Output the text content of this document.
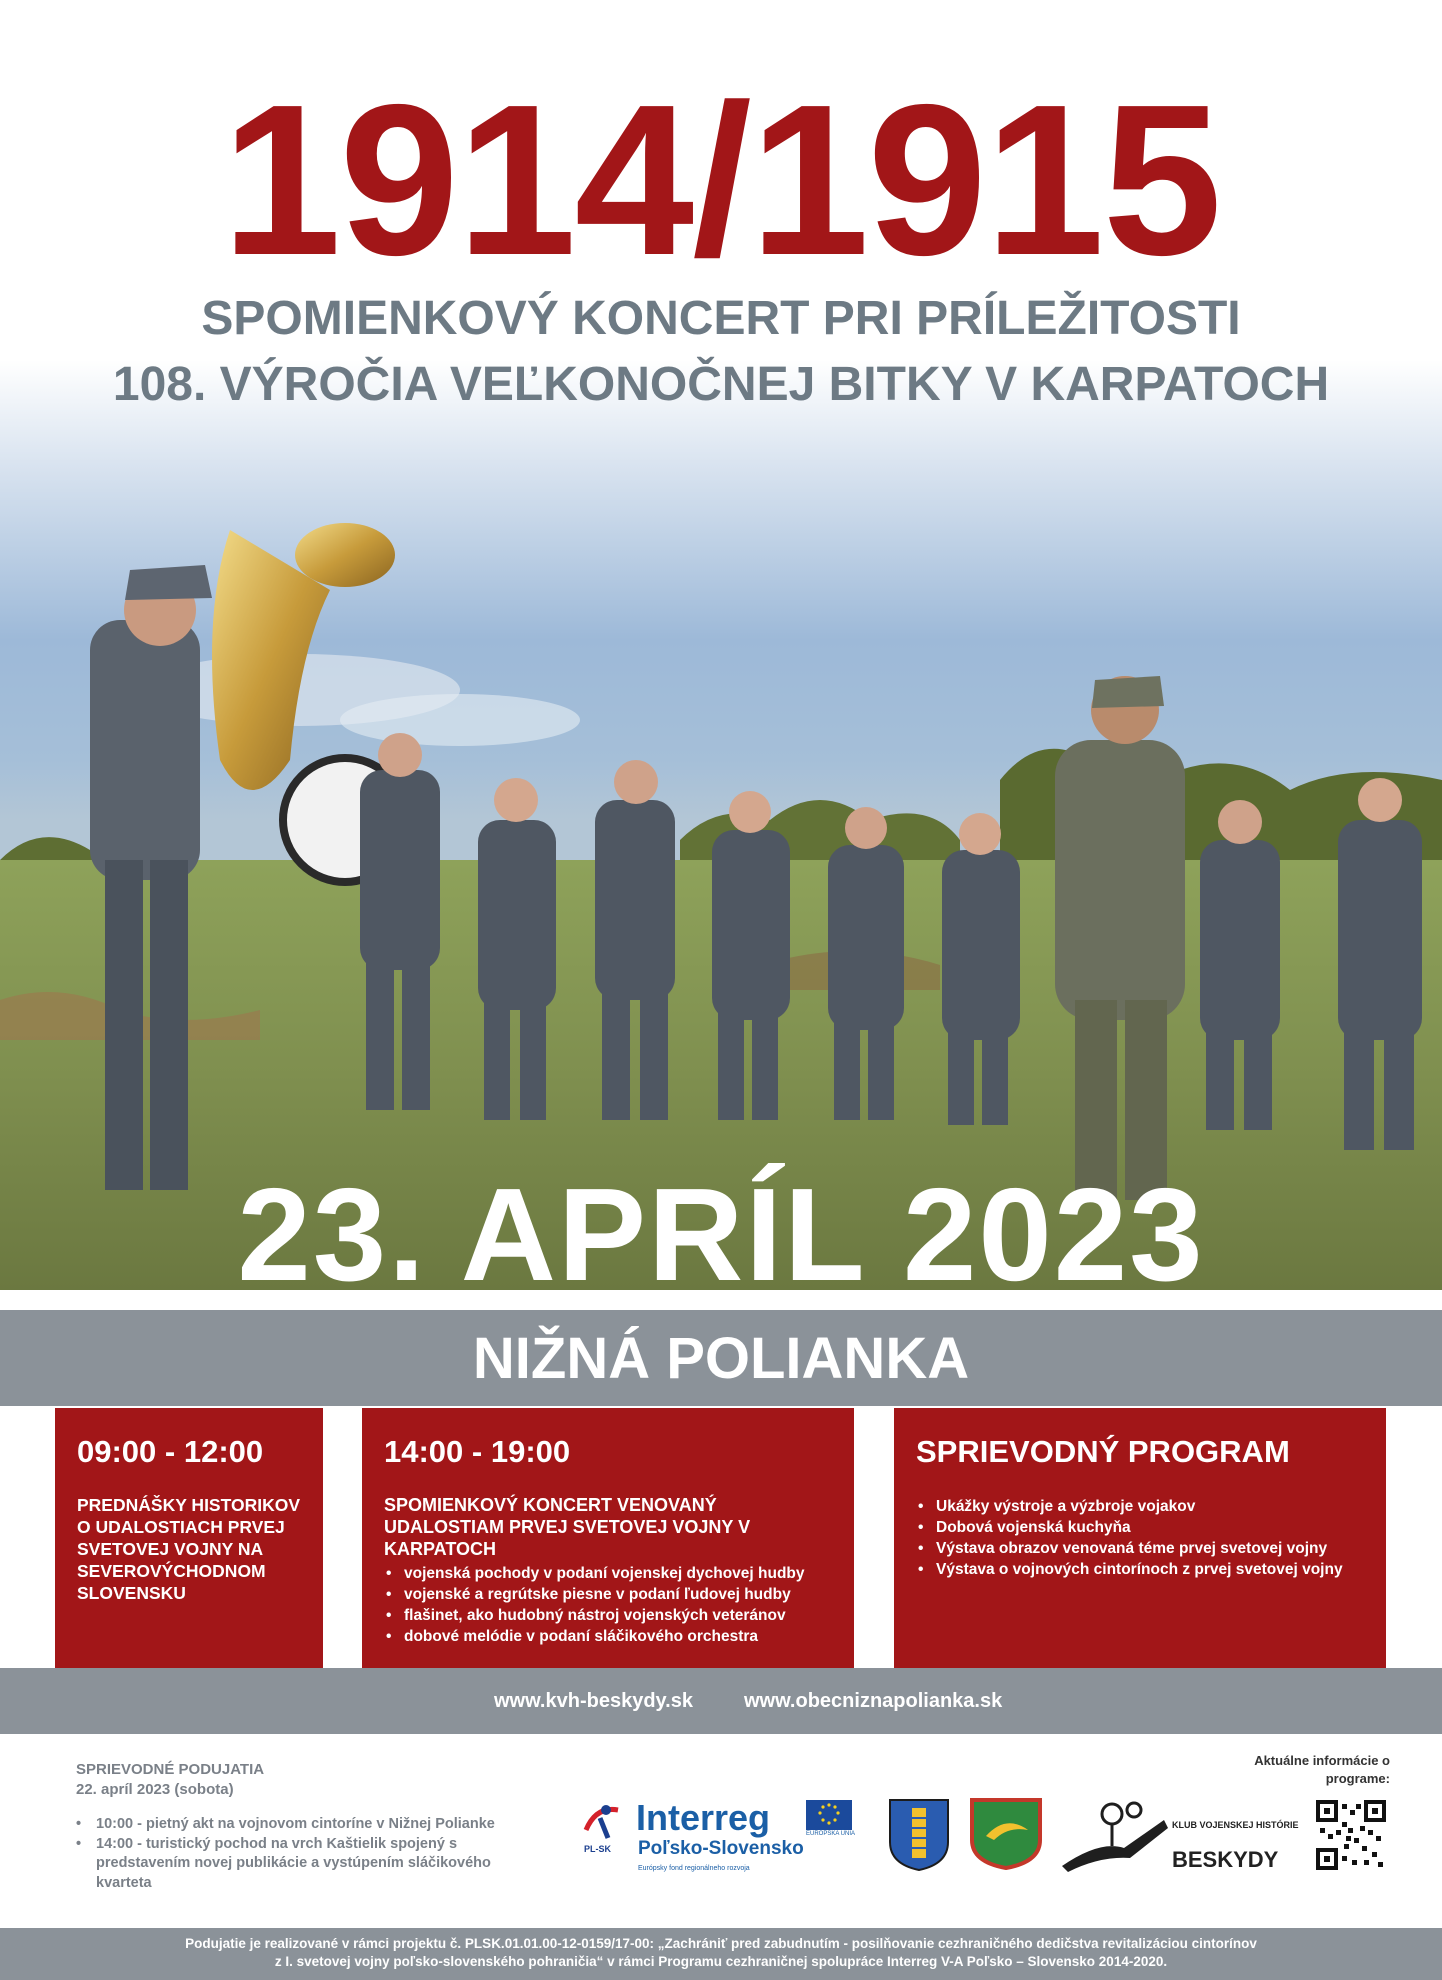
1914/1915
SPOMIENKOVÝ KONCERT PRI PRÍLEŽITOSTI
108. VÝROČIA VEĽKONOČNEJ BITKY V KARPATOCH
23. APRÍL 2023
NIŽNÁ POLIANKA
09:00 - 12:00
PREDNÁŠKY HISTORIKOV O UDALOSTIACH PRVEJ SVETOVEJ VOJNY NA SEVEROVÝCHODNOM SLOVENSKU
14:00 - 19:00
SPOMIENKOVÝ KONCERT VENOVANÝ UDALOSTIAM PRVEJ SVETOVEJ VOJNY V KARPATOCH
• vojenská pochody v podaní vojenskej dychovej hudby
• vojenské a regrútske piesne v podaní ľudovej hudby
• flašinet, ako hudobný nástroj vojenských veteránov
• dobové melódie v podaní sláčikového orchestra
SPRIEVODNÝ PROGRAM
• Ukážky výstroje a výzbroje vojakov
• Dobová vojenská kuchyňa
• Výstava obrazov venovaná téme prvej svetovej vojny
• Výstava o vojnových cintorínoch z prvej svetovej vojny
www.kvh-beskydy.sk	www.obecniznapolianka.sk
SPRIEVODNÉ PODUJATIA
22. apríl 2023 (sobota)
• 10:00 - pietný akt na vojnovom cintoríne v Nižnej Polianke
• 14:00 - turistický pochod na vrch Kaštielik spojený s predstavením novej publikácie a vystúpením sláčikového kvarteta
PL-SK
Interreg
Poľsko-Slovensko
Európsky fond regionálneho rozvoja
EURÓPSKA ÚNIA
KLUB VOJENSKEJ HISTÓRIE
BESKYDY
Aktuálne informácie o programe:
Podujatie je realizované v rámci projektu č. PLSK.01.01.00-12-0159/17-00: „Zachrániť pred zabudnutím - posilňovanie cezhraničného dedičstva revitalizáciou cintorínov
z I. svetovej vojny poľsko-slovenského pohraničia“ v rámci Programu cezhraničnej spolupráce Interreg V-A Poľsko – Slovensko 2014-2020.
